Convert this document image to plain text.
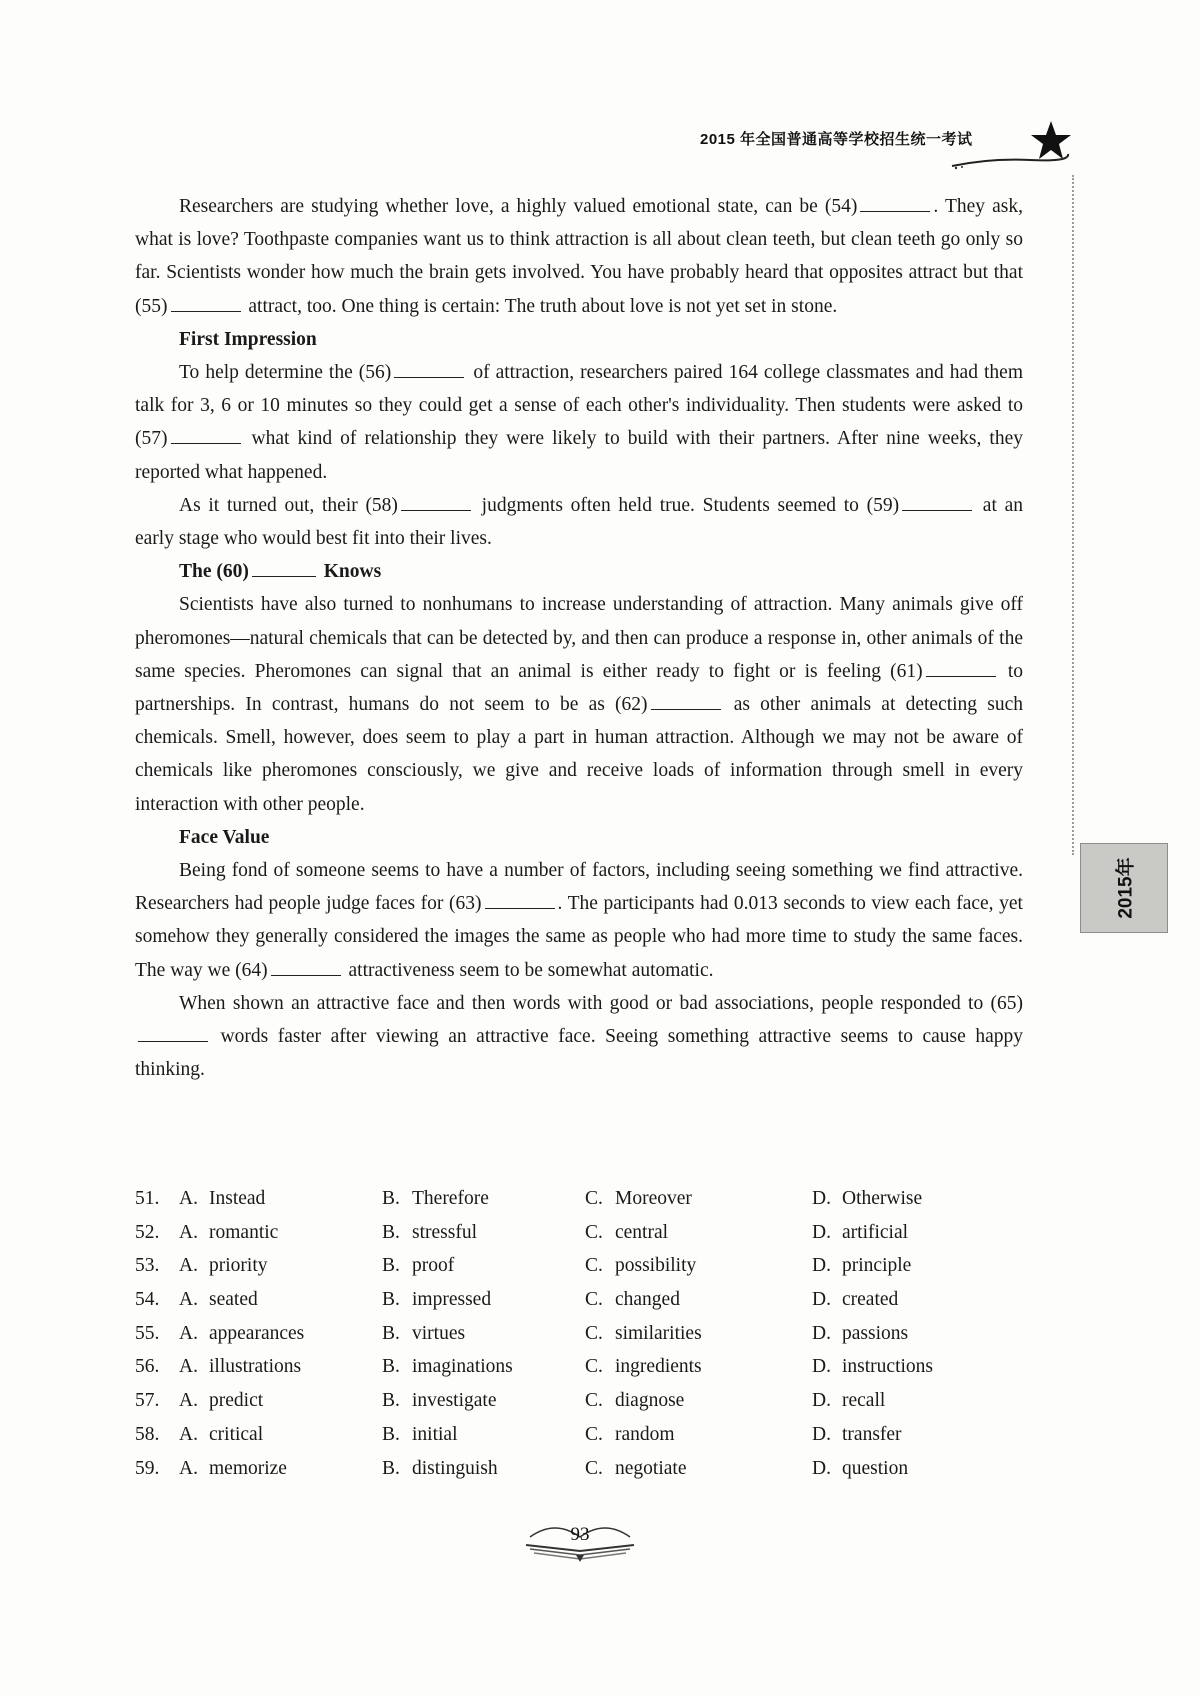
2015 年全国普通高等学校招生统一考试
2015年

Researchers are studying whether love, a highly valued emotional state, can be (54)	. They ask, what is love? Toothpaste companies want us to think attraction is all about clean teeth, but clean teeth go only so far. Scientists wonder how much the brain gets involved. You have probably heard that opposites attract but that (55)	attract, too. One thing is certain: The truth about love is not yet set in stone.

First Impression

To help determine the (56)	of attraction, researchers paired 164 college classmates and had them talk for 3, 6 or 10 minutes so they could get a sense of each other's individuality. Then students were asked to (57)	what kind of relationship they were likely to build with their partners. After nine weeks, they reported what happened.

As it turned out, their (58)	judgments often held true. Students seemed to (59)	at an early stage who would best fit into their lives.

The (60)	Knows

Scientists have also turned to nonhumans to increase understanding of attraction. Many animals give off pheromones—natural chemicals that can be detected by, and then can produce a response in, other animals of the same species. Pheromones can signal that an animal is either ready to fight or is feeling (61)	to partnerships. In contrast, humans do not seem to be as (62)	as other animals at detecting such chemicals. Smell, however, does seem to play a part in human attraction. Although we may not be aware of chemicals like pheromones consciously, we give and receive loads of information through smell in every interaction with other people.

Face Value

Being fond of someone seems to have a number of factors, including seeing something we find attractive. Researchers had people judge faces for (63)	. The participants had 0.013 seconds to view each face, yet somehow they generally considered the images the same as people who had more time to study the same faces. The way we (64)	attractiveness seem to be somewhat automatic.

When shown an attractive face and then words with good or bad associations, people responded to (65) words faster after viewing an attractive face. Seeing something attractive seems to cause happy thinking.

51. A. Instead	B. Therefore	C. Moreover	D. Otherwise
52. A. romantic	B. stressful	C. central	D. artificial
53. A. priority	B. proof	C. possibility	D. principle
54. A. seated	B. impressed	C. changed	D. created
55. A. appearances	B. virtues	C. similarities	D. passions
56. A. illustrations	B. imaginations	C. ingredients	D. instructions
57. A. predict	B. investigate	C. diagnose	D. recall
58. A. critical	B. initial	C. random	D. transfer
59. A. memorize	B. distinguish	C. negotiate	D. question
93
